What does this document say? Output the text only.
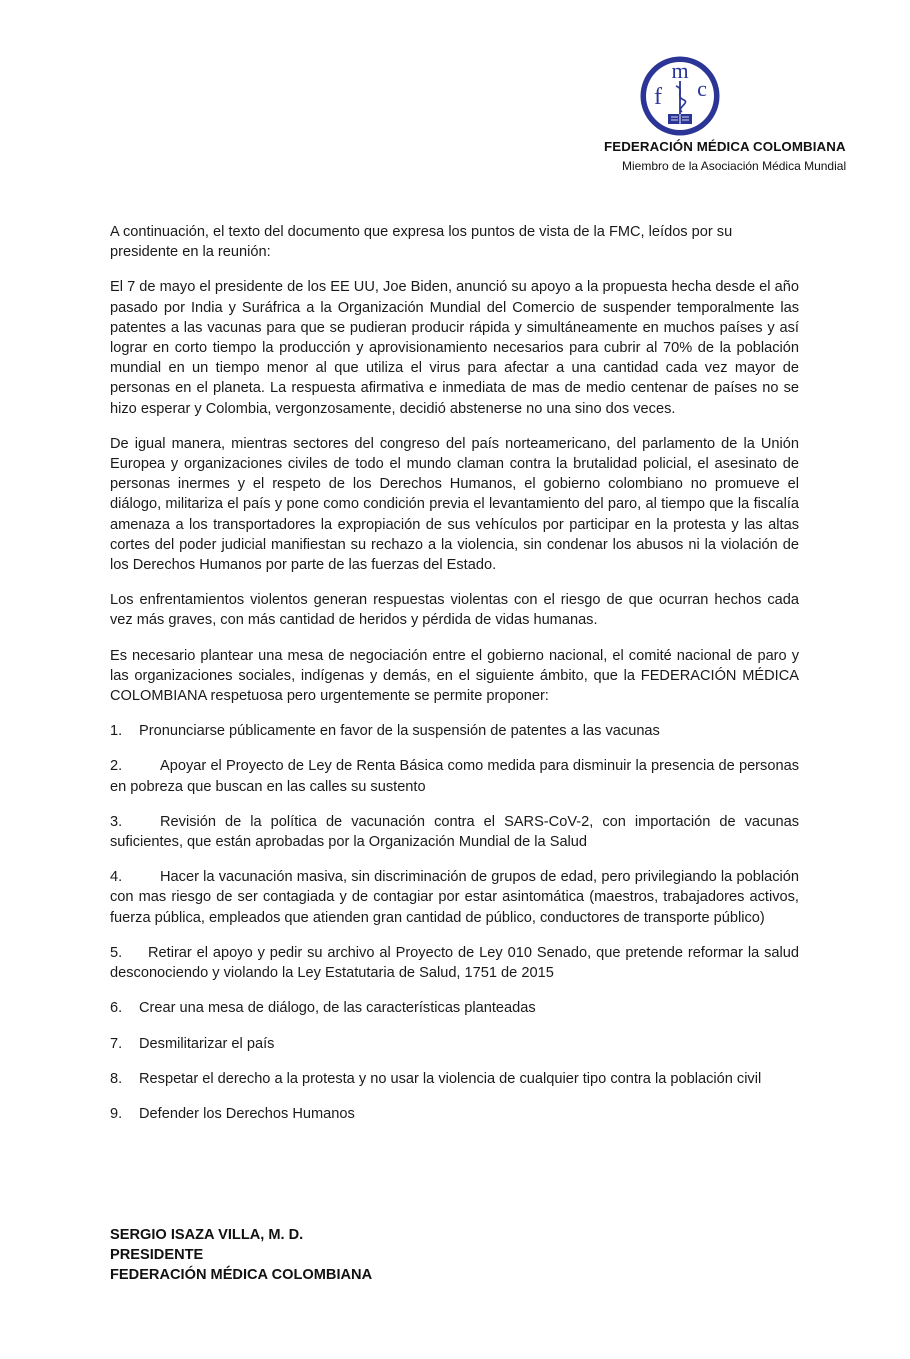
m
f c
FEDERACIÓN MÉDICA COLOMBIANA
Miembro de la Asociación Médica Mundial

A continuación, el texto del documento que expresa los puntos de vista de la FMC, leídos por su presidente en la reunión:

El 7 de mayo el presidente de los EE UU, Joe Biden, anunció su apoyo a la propuesta hecha desde el año pasado por India y Suráfrica a la Organización Mundial del Comercio de suspender temporalmente las patentes a las vacunas para que se pudieran producir rápida y simultáneamente en muchos países y así lograr en corto tiempo la producción y aprovisionamiento necesarios para cubrir al 70% de la población mundial en un tiempo menor al que utiliza el virus para afectar a una cantidad cada vez mayor de personas en el planeta. La respuesta afirmativa e inmediata de mas de medio centenar de países no se hizo esperar y Colombia, vergonzosamente, decidió abstenerse no una sino dos veces.

De igual manera, mientras sectores del congreso del país norteamericano, del parlamento de la Unión Europea y organizaciones civiles de todo el mundo claman contra la brutalidad policial, el asesinato de personas inermes y el respeto de los Derechos Humanos, el gobierno colombiano no promueve el diálogo, militariza el país y pone como condición previa el levantamiento del paro, al tiempo que la fiscalía amenaza a los transportadores la expropiación de sus vehículos por participar en la protesta y las altas cortes del poder judicial manifiestan su rechazo a la violencia, sin condenar los abusos ni la violación de los Derechos Humanos por parte de las fuerzas del Estado.

Los enfrentamientos violentos generan respuestas violentas con el riesgo de que ocurran hechos cada vez más graves, con más cantidad de heridos y pérdida de vidas humanas.

Es necesario plantear una mesa de negociación entre el gobierno nacional, el comité nacional de paro y las organizaciones sociales, indígenas y demás, en el siguiente ámbito, que la FEDERACIÓN MÉDICA COLOMBIANA respetuosa pero urgentemente se permite proponer:

1. Pronunciarse públicamente en favor de la suspensión de patentes a las vacunas

2.	Apoyar el Proyecto de Ley de Renta Básica como medida para disminuir la presencia de personas en pobreza que buscan en las calles su sustento

3.	Revisión de la política de vacunación contra el SARS-CoV-2, con importación de vacunas suficientes, que están aprobadas por la Organización Mundial de la Salud

4.	Hacer la vacunación masiva, sin discriminación de grupos de edad, pero privilegiando la población con mas riesgo de ser contagiada y de contagiar por estar asintomática (maestros, trabajadores activos, fuerza pública, empleados que atienden gran cantidad de público, conductores de transporte público)

5. Retirar el apoyo y pedir su archivo al Proyecto de Ley 010 Senado, que pretende reformar la salud desconociendo y violando la Ley Estatutaria de Salud, 1751 de 2015

6. Crear una mesa de diálogo, de las características planteadas

7. Desmilitarizar el país

8. Respetar el derecho a la protesta y no usar la violencia de cualquier tipo contra la población civil

9. Defender los Derechos Humanos

SERGIO ISAZA VILLA, M. D.
PRESIDENTE
FEDERACIÓN MÉDICA COLOMBIANA
